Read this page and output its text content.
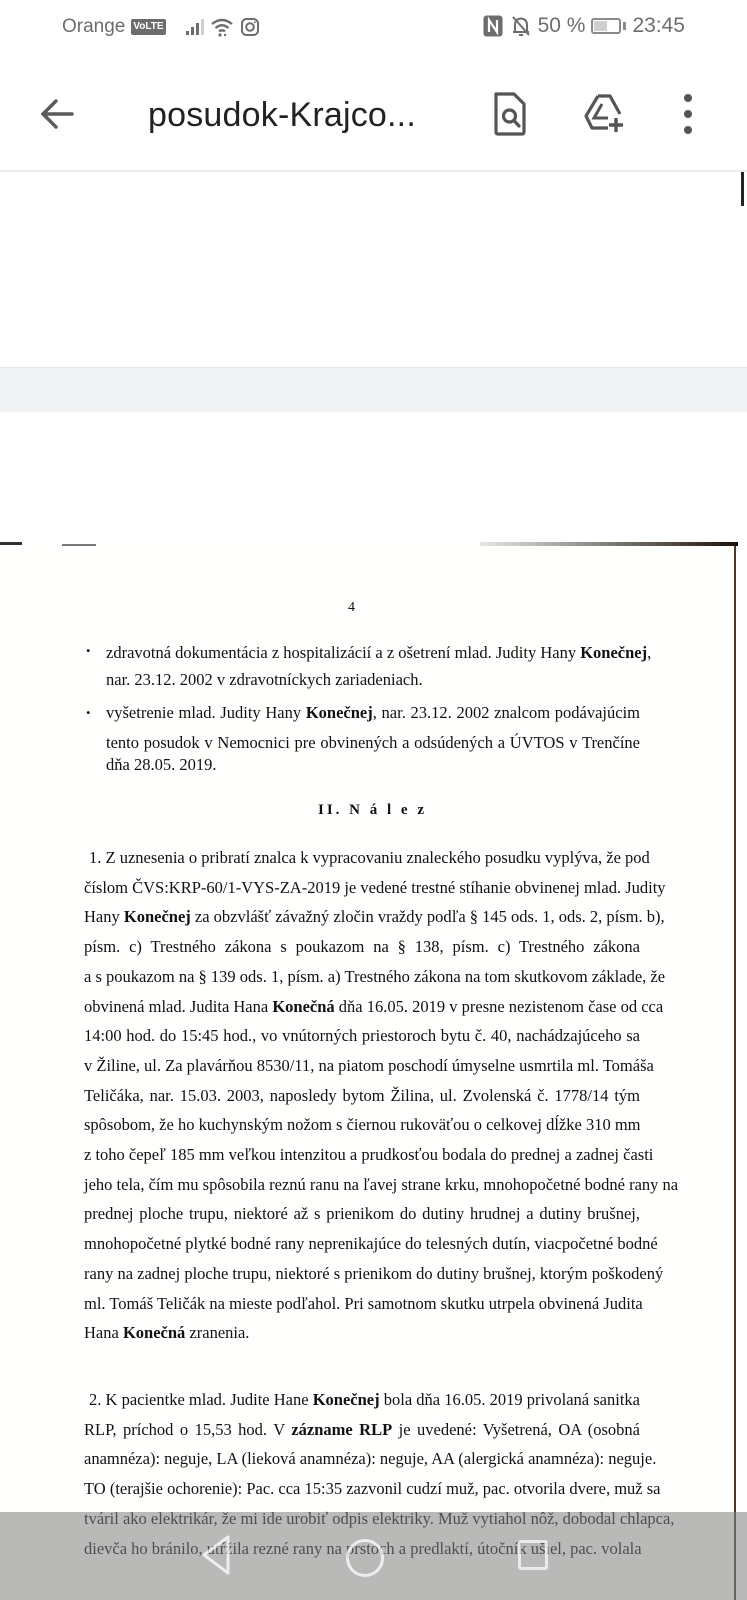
Orange VoLTE	50 % 23:45
posudok-Krajco...
4
.
.
II. N á l e z
zdravotná dokumentácia z hospitalizácií a z ošetrení mlad. Judity Hany Konečnej,
nar. 23.12. 2002 v zdravotníckych zariadeniach.
vyšetrenie mlad. Judity Hany Konečnej, nar. 23.12. 2002 znalcom podávajúcim
tento posudok v Nemocnici pre obvinených a odsúdených a ÚVTOS v Trenčíne
dňa 28.05. 2019.
1. Z uznesenia o pribratí znalca k vypracovaniu znaleckého posudku vyplýva, že pod
číslom ČVS:KRP-60/1-VYS-ZA-2019 je vedené trestné stíhanie obvinenej mlad. Judity
Hany Konečnej za obzvlášť závažný zločin vraždy podľa § 145 ods. 1, ods. 2, písm. b),
písm. c) Trestného zákona s poukazom na § 138, písm. c) Trestného zákona
a s poukazom na § 139 ods. 1, písm. a) Trestného zákona na tom skutkovom základe, že
obvinená mlad. Judita Hana Konečná dňa 16.05. 2019 v presne nezistenom čase od cca
14:00 hod. do 15:45 hod., vo vnútorných priestoroch bytu č. 40, nachádzajúceho sa
v Žiline, ul. Za plavárňou 8530/11, na piatom poschodí úmyselne usmrtila ml. Tomáša
Teličáka, nar. 15.03. 2003, naposledy bytom Žilina, ul. Zvolenská č. 1778/14 tým
spôsobom, že ho kuchynským nožom s čiernou rukoväťou o celkovej dĺžke 310 mm
z toho čepeľ 185 mm veľkou intenzitou a prudkosťou bodala do prednej a zadnej časti
jeho tela, čím mu spôsobila reznú ranu na ľavej strane krku, mnohopočetné bodné rany na
prednej ploche trupu, niektoré až s prienikom do dutiny hrudnej a dutiny brušnej,
mnohopočetné plytké bodné rany neprenikajúce do telesných dutín, viacpočetné bodné
rany na zadnej ploche trupu, niektoré s prienikom do dutiny brušnej, ktorým poškodený
ml. Tomáš Teličák na mieste podľahol. Pri samotnom skutku utrpela obvinená Judita
Hana Konečná zranenia.
2. K pacientke mlad. Judite Hane Konečnej bola dňa 16.05. 2019 privolaná sanitka
RLP, príchod o 15,53 hod. V zázname RLP je uvedené: Vyšetrená, OA (osobná
anamnéza): neguje, LA (lieková anamnéza): neguje, AA (alergická anamnéza): neguje.
TO (terajšie ochorenie): Pac. cca 15:35 zazvonil cudzí muž, pac. otvorila dvere, muž sa
